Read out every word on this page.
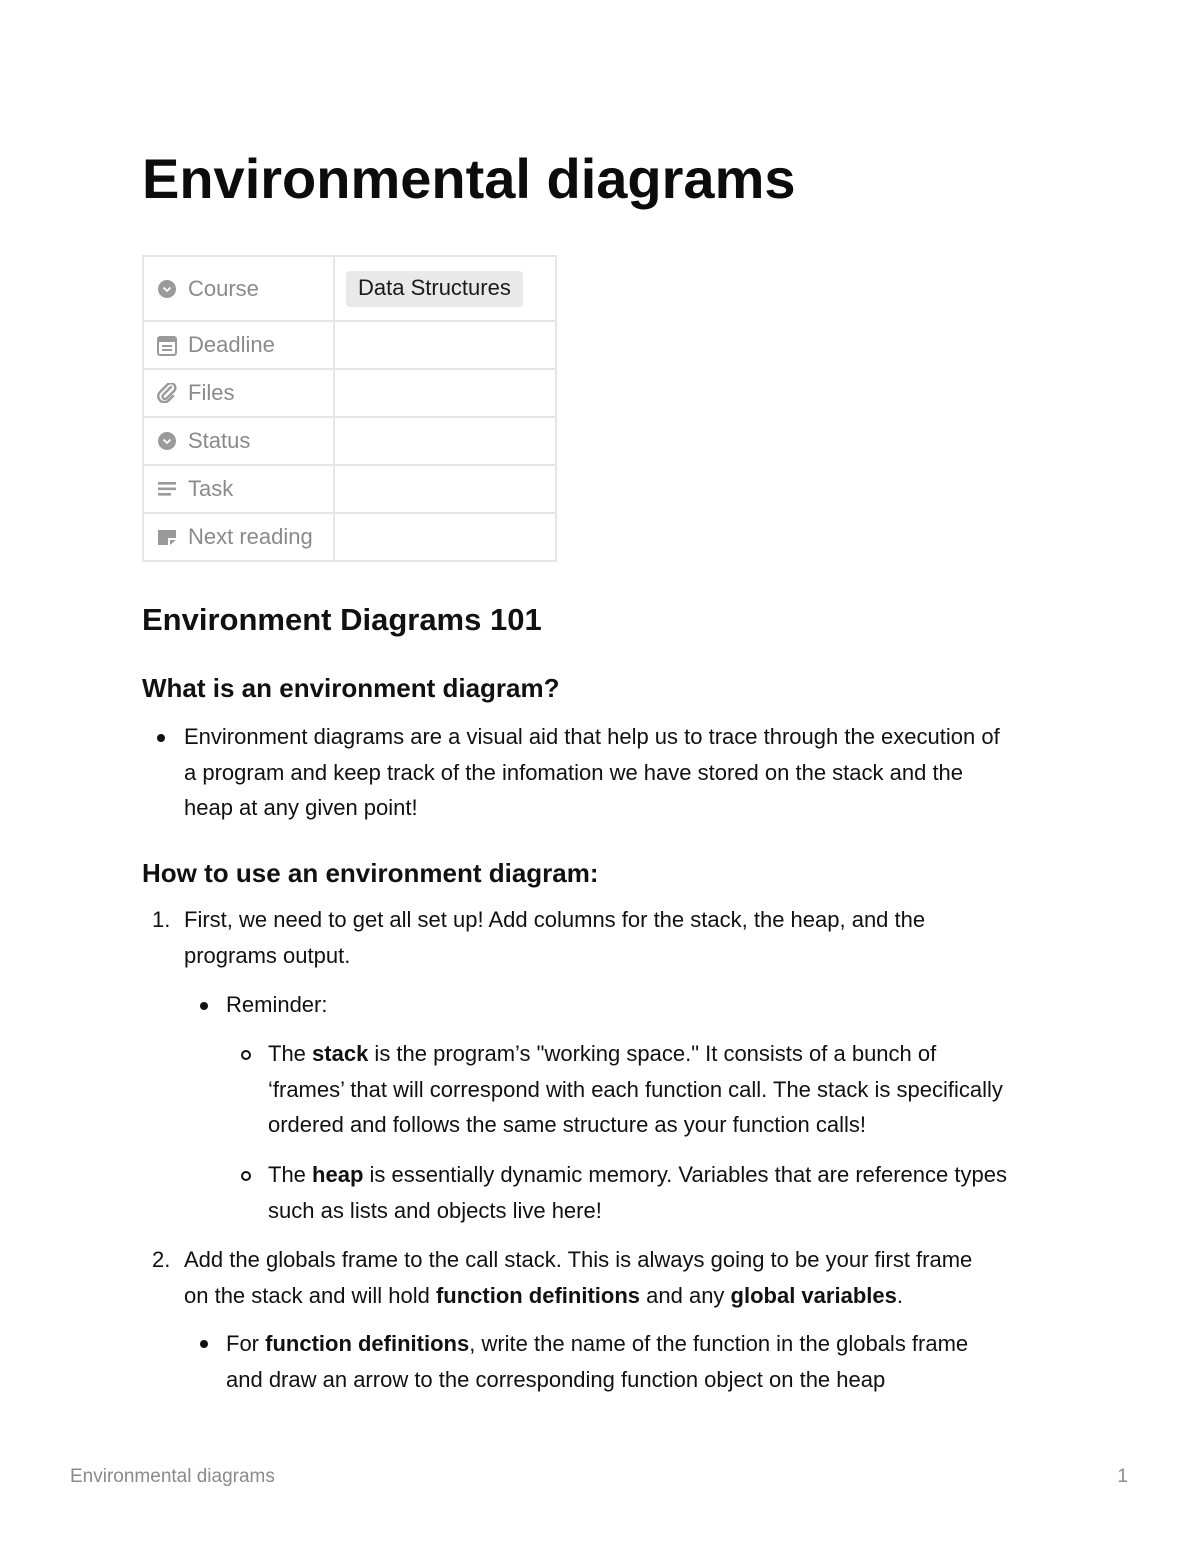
Environmental diagrams
Course	Data Structures

Deadline	

Files	

Status	

Task	

Next reading	

Environment Diagrams 101
What is an environment diagram?

Environment diagrams are a visual aid that help us to trace through the execution of
a program and keep track of the infomation we have stored on the stack and the
heap at any given point!

How to use an environment diagram:
1. First, we need to get all set up! Add columns for the stack, the heap, and the
programs output.

Reminder:

The stack is the program’s "working space." It consists of a bunch of
‘frames’ that will correspond with each function call. The stack is specifically
ordered and follows the same structure as your function calls!

The heap is essentially dynamic memory. Variables that are reference types
such as lists and objects live here!

2. Add the globals frame to the call stack. This is always going to be your first frame
on the stack and will hold function definitions and any global variables.

For function definitions, write the name of the function in the globals frame
and draw an arrow to the corresponding function object on the heap

Environmental diagrams	1
